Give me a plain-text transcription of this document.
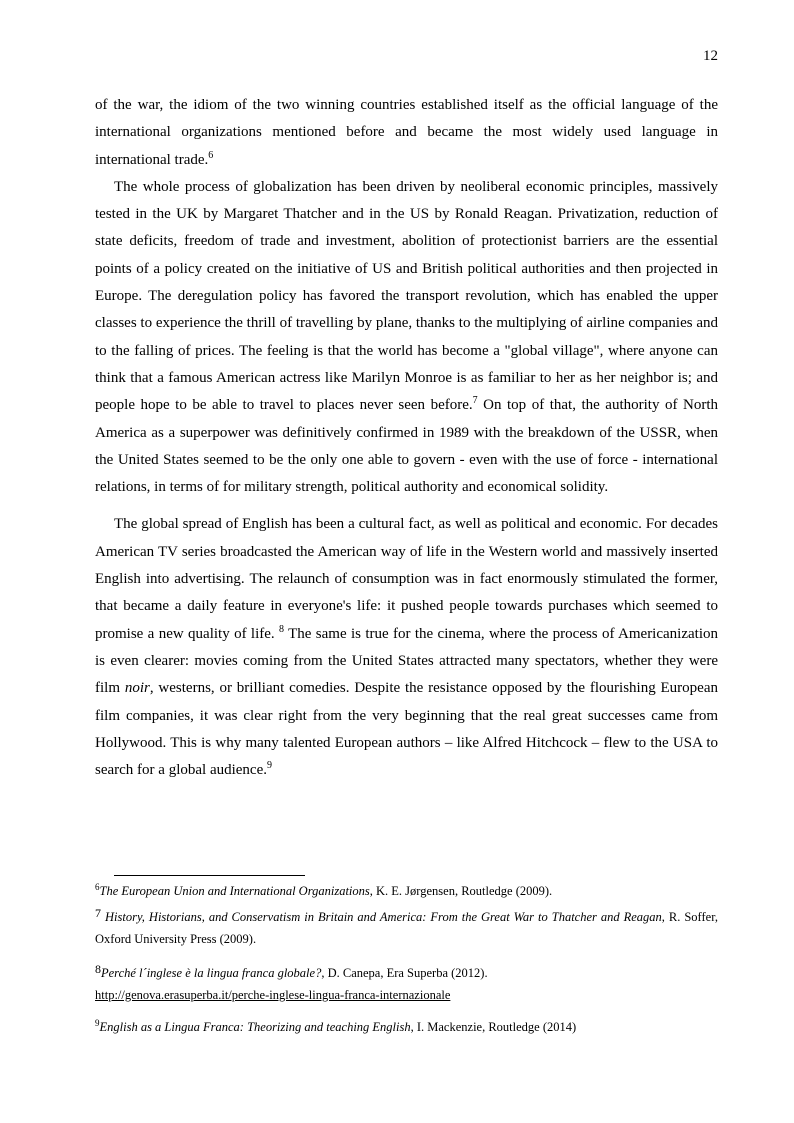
12

of the war, the idiom of the two winning countries established itself as the official language of the international organizations mentioned before and became the most widely used language in international trade.$^6$

The whole process of globalization has been driven by neoliberal economic principles, massively tested in the UK by Margaret Thatcher and in the US by Ronald Reagan. Privatization, reduction of state deficits, freedom of trade and investment, abolition of protectionist barriers are the essential points of a policy created on the initiative of US and British political authorities and then projected in Europe. The deregulation policy has favored the transport revolution, which has enabled the upper classes to experience the thrill of travelling by plane, thanks to the multiplying of airline companies and to the falling of prices. The feeling is that the world has become a "global village", where anyone can think that a famous American actress like Marilyn Monroe is as familiar to her as her neighbor is; and people hope to be able to travel to places never seen before.$^7$ On top of that, the authority of North America as a superpower was definitively confirmed in 1989 with the breakdown of the USSR, when the United States seemed to be the only one able to govern - even with the use of force - international relations, in terms of for military strength, political authority and economical solidity.

The global spread of English has been a cultural fact, as well as political and economic. For decades American TV series broadcasted the American way of life in the Western world and massively inserted English into advertising. The relaunch of consumption was in fact enormously stimulated the former, that became a daily feature in everyone's life: it pushed people towards purchases which seemed to promise a new quality of life. $^8$ The same is true for the cinema, where the process of Americanization is even clearer: movies coming from the United States attracted many spectators, whether they were film noir, westerns, or brilliant comedies. Despite the resistance opposed by the flourishing European film companies, it was clear right from the very beginning that the real great successes came from Hollywood. This is why many talented European authors – like Alfred Hitchcock – flew to the USA to search for a global audience.$^9$

$^6$The European Union and International Organizations, K. E. Jørgensen, Routledge (2009).

$^7$ History, Historians, and Conservatism in Britain and America: From the Great War to Thatcher and Reagan, R. Soffer, Oxford University Press (2009).

$^8$Perché l´inglese è la lingua franca globale?, D. Canepa, Era Superba (2012).
http://genova.erasuperba.it/perche-inglese-lingua-franca-internazionale

$^9$English as a Lingua Franca: Theorizing and teaching English, I. Mackenzie, Routledge (2014)
